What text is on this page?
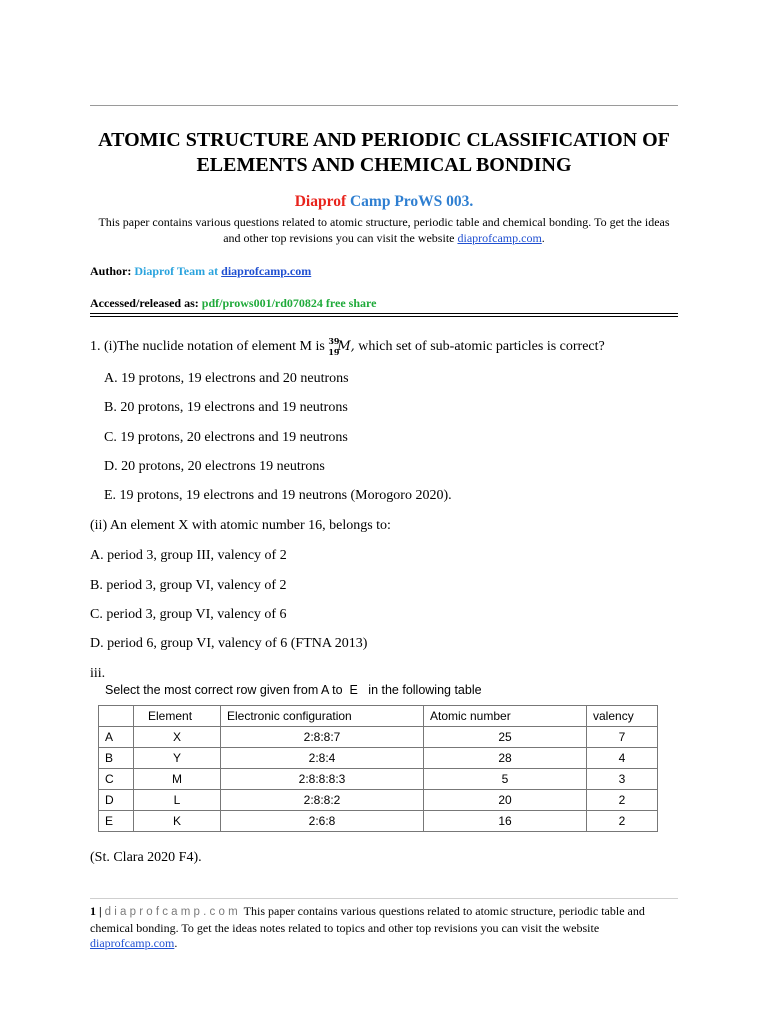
ATOMIC STRUCTURE AND PERIODIC CLASSIFICATION OF
ELEMENTS AND CHEMICAL BONDING
Diaprof Camp ProWS 003.
This paper contains various questions related to atomic structure, periodic table and chemical bonding. To get the ideas and other top revisions you can visit the website diaprofcamp.com.
Author: Diaprof Team at diaprofcamp.com
Accessed/released as: pdf/prows001/rd070824 free share
1. (i)The nuclide notation of element M is 39
19
M, which set of sub-atomic particles is correct?
A. 19 protons, 19 electrons and 20 neutrons
B. 20 protons, 19 electrons and 19 neutrons
C. 19 protons, 20 electrons and 19 neutrons
D. 20 protons, 20 electrons 19 neutrons
E. 19 protons, 19 electrons and 19 neutrons (Morogoro 2020).
(ii) An element X with atomic number 16, belongs to:
A. period 3, group III, valency of 2
B. period 3, group VI, valency of 2
C. period 3, group VI, valency of 6
D. period 6, group VI, valency of 6 (FTNA 2013)
iii.
Select the most correct row given from A to  E   in the following table
	Element	Electronic configuration	Atomic number	valency
A	X	2:8:8:7	25	7
B	Y	2:8:4	28	4
C	M	2:8:8:8:3	5	3
D	L	2:8:8:2	20	2
E	K	2:6:8	16	2
(St. Clara 2020 F4).
1 | diaprofcamp.com This paper contains various questions related to atomic structure, periodic table and chemical bonding. To get the ideas notes related to topics and other top revisions you can visit the website diaprofcamp.com.
